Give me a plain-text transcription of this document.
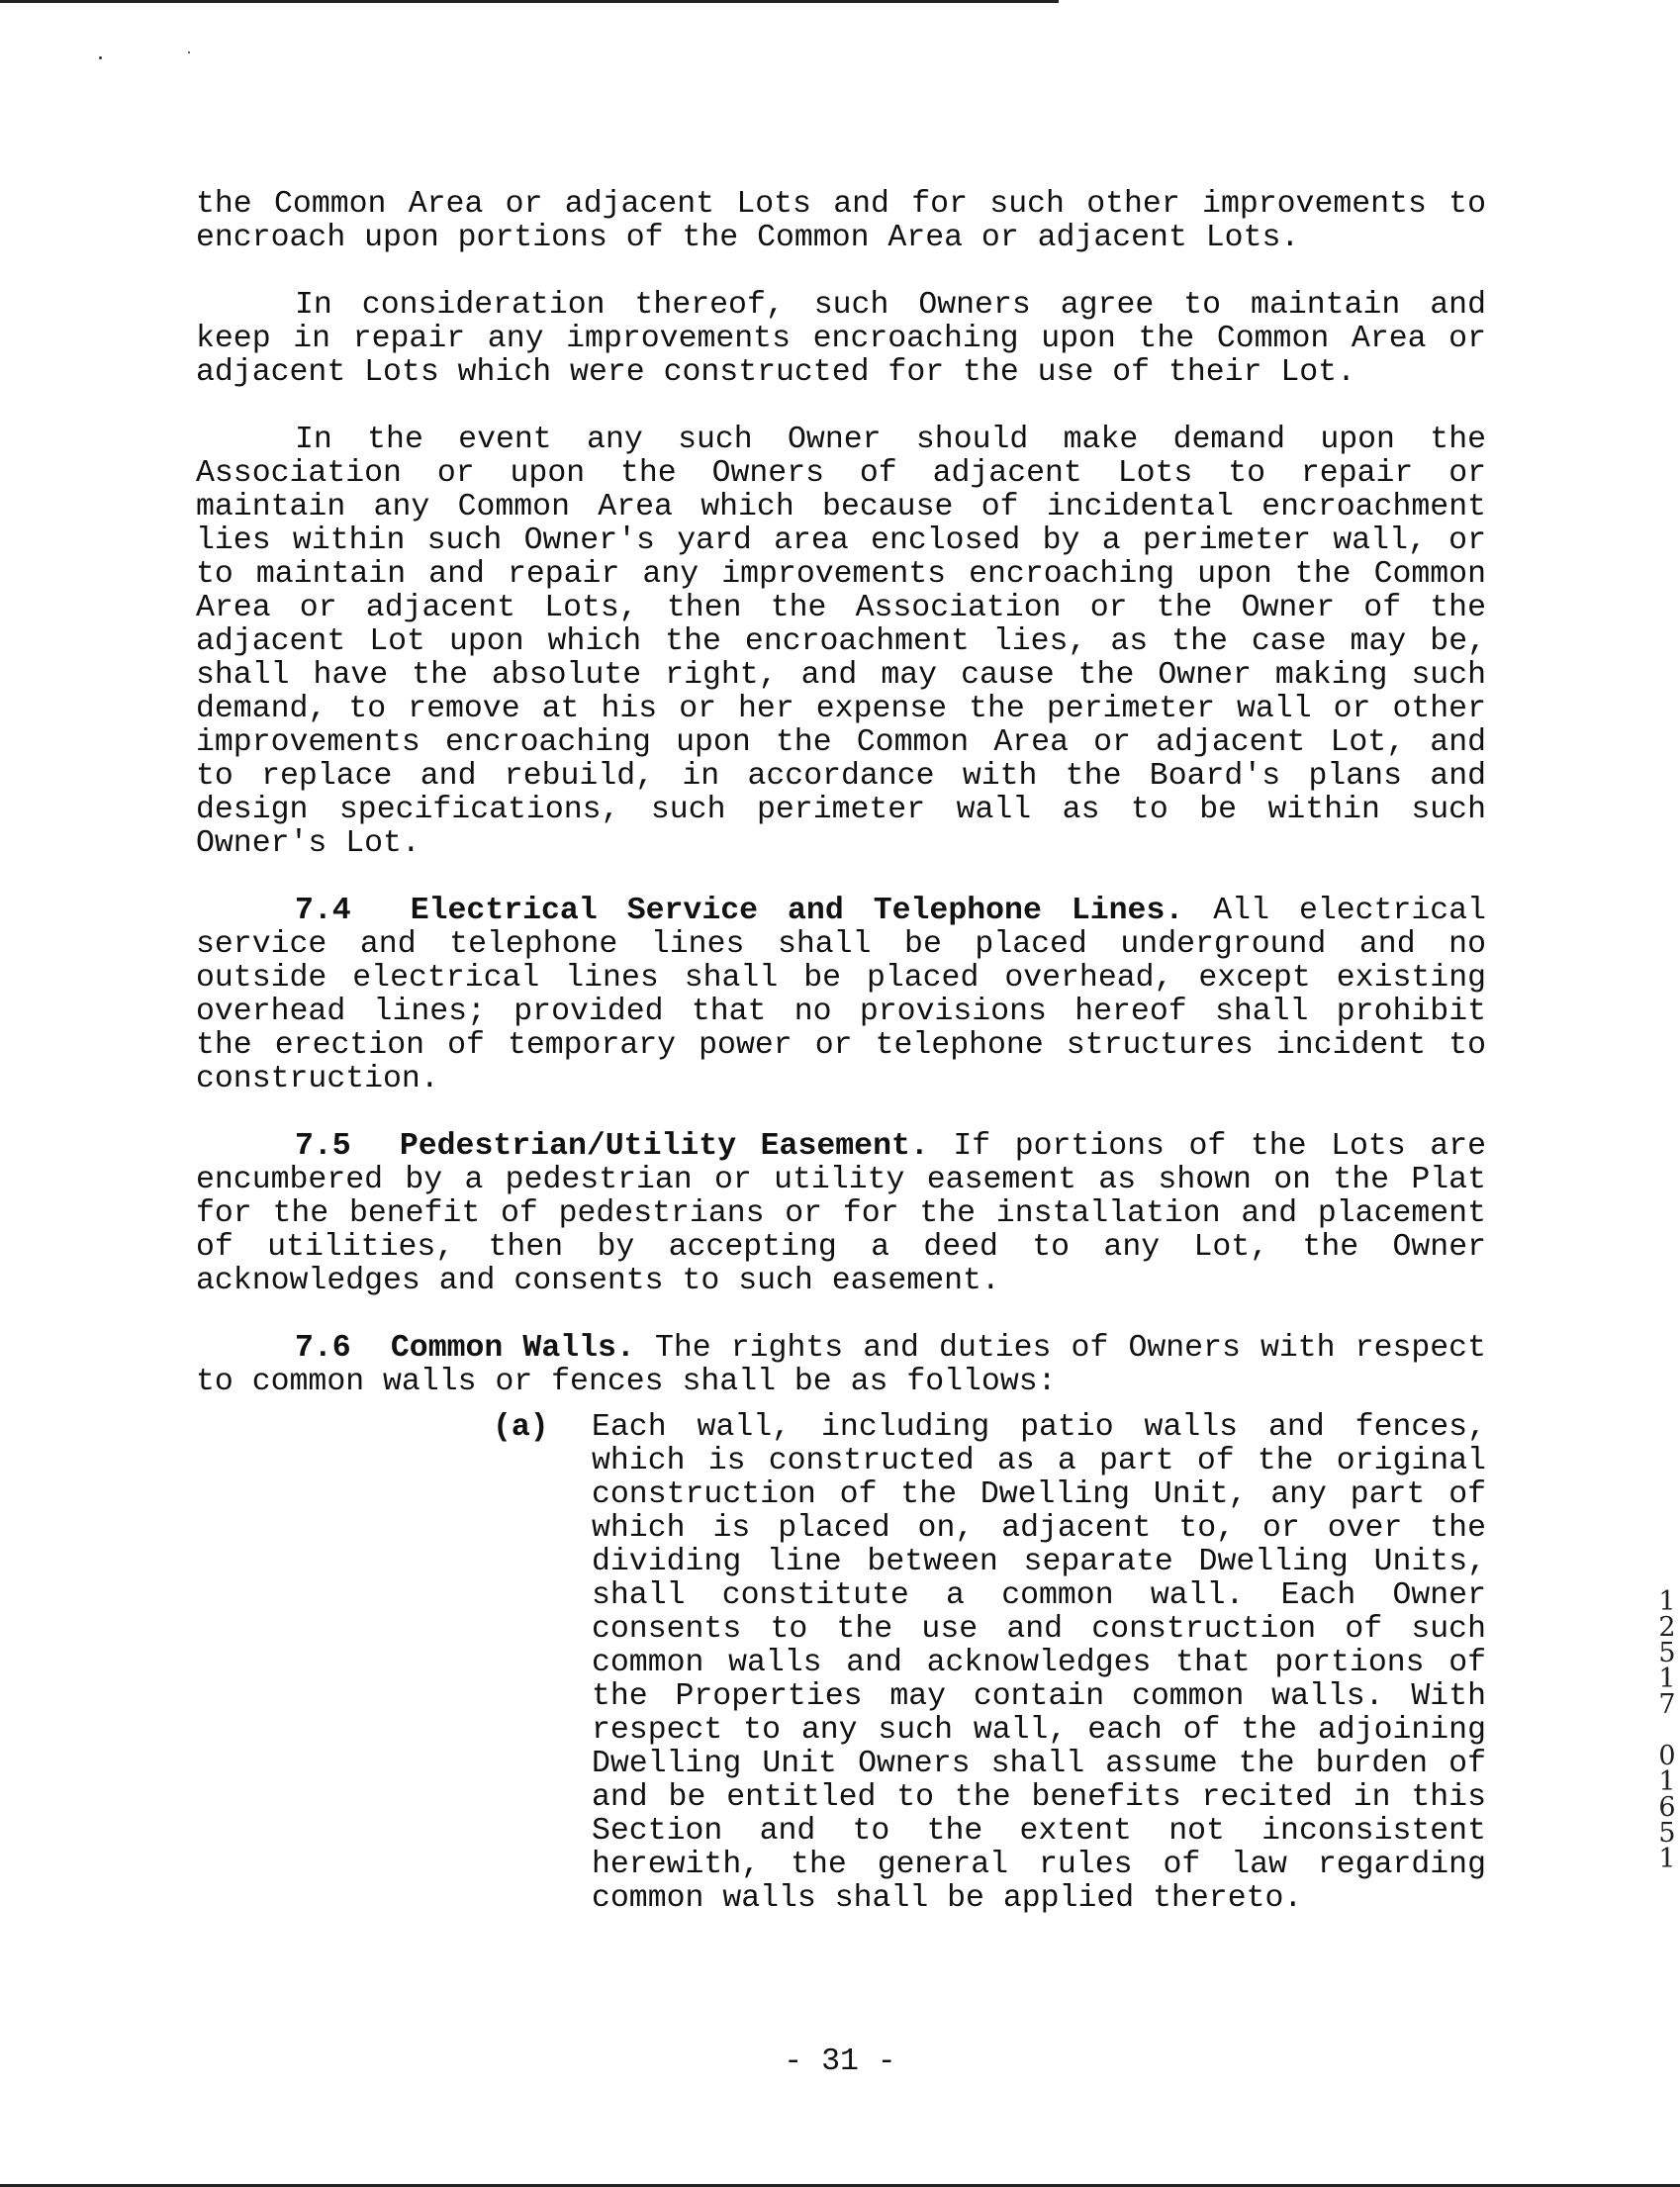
the Common Area or adjacent Lots and for such other improvements to encroach upon portions of the Common Area or adjacent Lots.

In consideration thereof, such Owners agree to maintain and keep in repair any improvements encroaching upon the Common Area or adjacent Lots which were constructed for the use of their Lot.

In the event any such Owner should make demand upon the Association or upon the Owners of adjacent Lots to repair or maintain any Common Area which because of incidental encroachment lies within such Owner's yard area enclosed by a perimeter wall, or to maintain and repair any improvements encroaching upon the Common Area or adjacent Lots, then the Association or the Owner of the adjacent Lot upon which the encroachment lies, as the case may be, shall have the absolute right, and may cause the Owner making such demand, to remove at his or her expense the perimeter wall or other improvements encroaching upon the Common Area or adjacent Lot, and to replace and rebuild, in accordance with the Board's plans and design specifications, such perimeter wall as to be within such Owner's Lot.

7.4 Electrical Service and Telephone Lines. All electrical service and telephone lines shall be placed underground and no outside electrical lines shall be placed overhead, except existing overhead lines; provided that no provisions hereof shall prohibit the erection of temporary power or telephone structures incident to construction.

7.5 Pedestrian/Utility Easement. If portions of the Lots are encumbered by a pedestrian or utility easement as shown on the Plat for the benefit of pedestrians or for the installation and placement of utilities, then by accepting a deed to any Lot, the Owner acknowledges and consents to such easement.

7.6 Common Walls. The rights and duties of Owners with respect to common walls or fences shall be as follows:

(a) Each wall, including patio walls and fences, which is constructed as a part of the original construction of the Dwelling Unit, any part of which is placed on, adjacent to, or over the dividing line between separate Dwelling Units, shall constitute a common wall. Each Owner consents to the use and construction of such common walls and acknowledges that portions of the Properties may contain common walls. With respect to any such wall, each of the adjoining Dwelling Unit Owners shall assume the burden of and be entitled to the benefits recited in this Section and to the extent not inconsistent herewith, the general rules of law regarding common walls shall be applied thereto.

- 31 -
1
2
5
1
7

0
1
6
5
1
